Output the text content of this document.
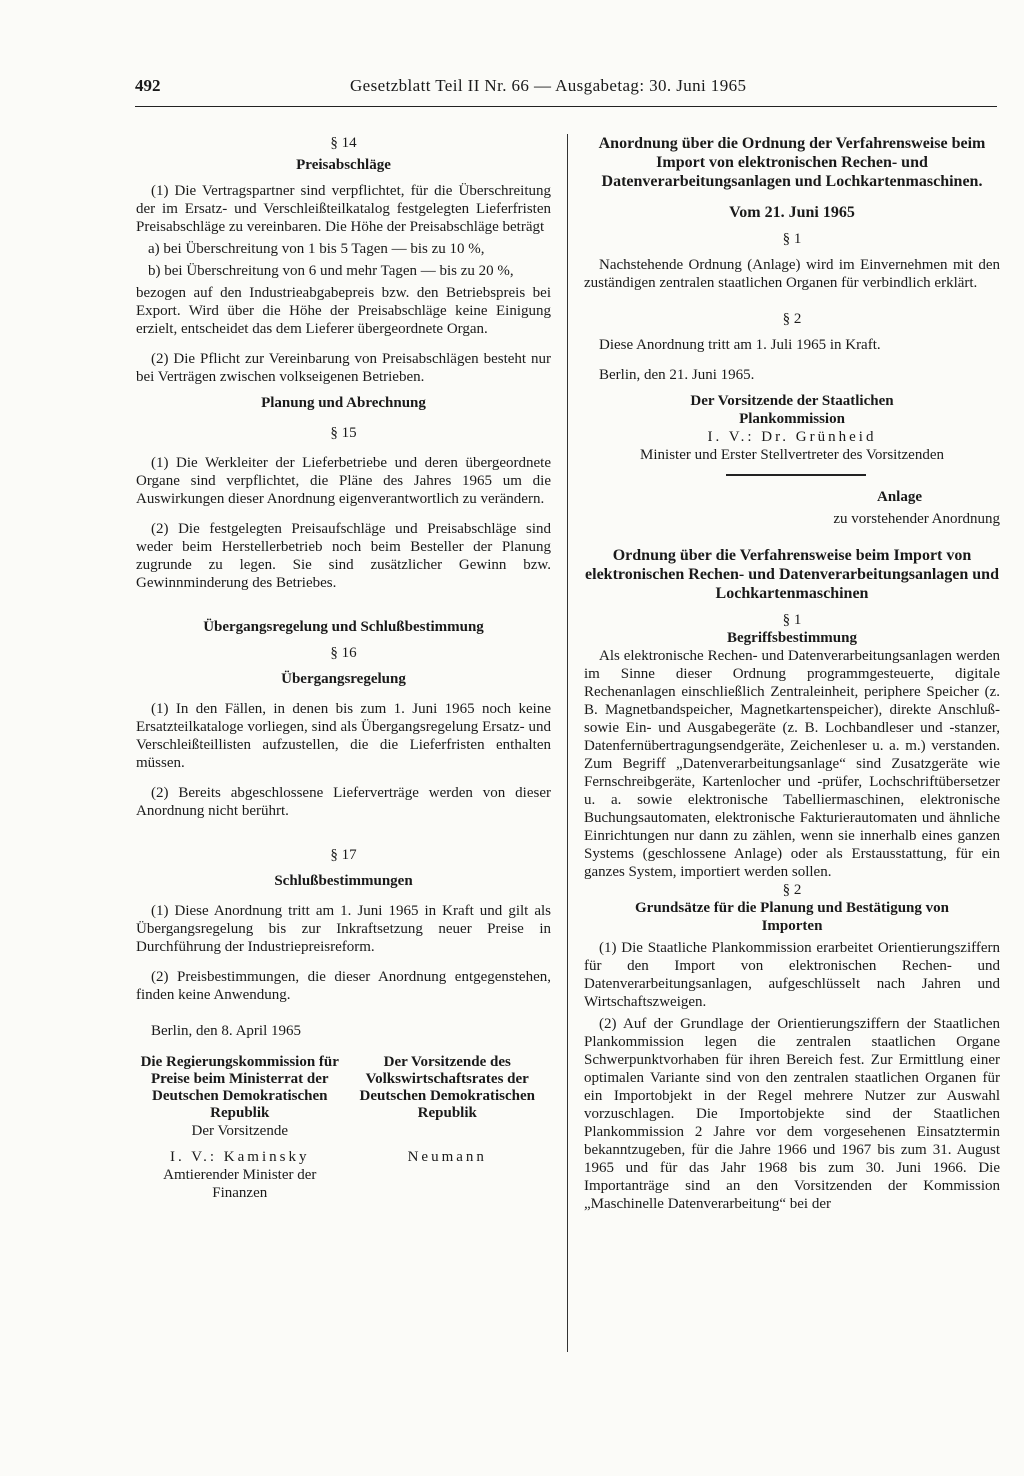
492	Gesetzblatt Teil II Nr. 66 — Ausgabetag: 30. Juni 1965

§ 14

Preisabschläge

(1) Die Vertragspartner sind verpflichtet, für die Überschreitung der im Ersatz- und Verschleißteilkatalog festgelegten Lieferfristen Preisabschläge zu vereinbaren. Die Höhe der Preisabschläge beträgt

a) bei Überschreitung von 1 bis 5 Tagen — bis zu 10 %,

b) bei Überschreitung von 6 und mehr Tagen — bis zu 20 %,

bezogen auf den Industrieabgabepreis bzw. den Betriebspreis bei Export. Wird über die Höhe der Preisabschläge keine Einigung erzielt, entscheidet das dem Lieferer übergeordnete Organ.

(2) Die Pflicht zur Vereinbarung von Preisabschlägen besteht nur bei Verträgen zwischen volkseigenen Betrieben.

Planung und Abrechnung

§ 15

(1) Die Werkleiter der Lieferbetriebe und deren übergeordnete Organe sind verpflichtet, die Pläne des Jahres 1965 um die Auswirkungen dieser Anordnung eigenverantwortlich zu verändern.

(2) Die festgelegten Preisaufschläge und Preisabschläge sind weder beim Herstellerbetrieb noch beim Besteller der Planung zugrunde zu legen. Sie sind zusätzlicher Gewinn bzw. Gewinnminderung des Betriebes.

Übergangsregelung und Schlußbestimmung

§ 16

Übergangsregelung

(1) In den Fällen, in denen bis zum 1. Juni 1965 noch keine Ersatzteilkataloge vorliegen, sind als Übergangsregelung Ersatz- und Verschleißteillisten aufzustellen, die die Lieferfristen enthalten müssen.

(2) Bereits abgeschlossene Lieferverträge werden von dieser Anordnung nicht berührt.

§ 17

Schlußbestimmungen

(1) Diese Anordnung tritt am 1. Juni 1965 in Kraft und gilt als Übergangsregelung bis zur Inkraftsetzung neuer Preise in Durchführung der Industriepreisreform.

(2) Preisbestimmungen, die dieser Anordnung entgegenstehen, finden keine Anwendung.

Berlin, den 8. April 1965

Die Regierungskommission für Preise beim Ministerrat der Deutschen Demokratischen Republik

Der Vorsitzende

I. V.: Kaminsky

Amtierender Minister der Finanzen

Der Vorsitzende des Volkswirtschaftsrates der Deutschen Demokratischen Republik

Neumann

Anordnung über die Ordnung der Verfahrensweise beim Import von elektronischen Rechen- und Datenverarbeitungsanlagen und Lochkartenmaschinen.

Vom 21. Juni 1965

§ 1

Nachstehende Ordnung (Anlage) wird im Einvernehmen mit den zuständigen zentralen staatlichen Organen für verbindlich erklärt.

§ 2

Diese Anordnung tritt am 1. Juli 1965 in Kraft.

Berlin, den 21. Juni 1965.

Der Vorsitzende der Staatlichen Plankommission

I. V.: Dr. Grünheid

Minister und Erster Stellvertreter des Vorsitzenden

Anlage

zu vorstehender Anordnung

Ordnung über die Verfahrensweise beim Import von elektronischen Rechen- und Datenverarbeitungsanlagen und Lochkartenmaschinen

§ 1

Begriffsbestimmung

Als elektronische Rechen- und Datenverarbeitungsanlagen werden im Sinne dieser Ordnung programmgesteuerte, digitale Rechenanlagen einschließlich Zentraleinheit, periphere Speicher (z. B. Magnetbandspeicher, Magnetkartenspeicher), direkte Anschluß- sowie Ein- und Ausgabegeräte (z. B. Lochbandleser und -stanzer, Datenfernübertragungsendgeräte, Zeichenleser u. a. m.) verstanden. Zum Begriff „Datenverarbeitungsanlage“ sind Zusatzgeräte wie Fernschreibgeräte, Kartenlocher und -prüfer, Lochschriftübersetzer u. a. sowie elektronische Tabelliermaschinen, elektronische Buchungsautomaten, elektronische Fakturierautomaten und ähnliche Einrichtungen nur dann zu zählen, wenn sie innerhalb eines ganzen Systems (geschlossene Anlage) oder als Erstausstattung, für ein ganzes System, importiert werden sollen.

§ 2

Grundsätze für die Planung und Bestätigung von Importen

(1) Die Staatliche Plankommission erarbeitet Orientierungsziffern für den Import von elektronischen Rechen- und Datenverarbeitungsanlagen, aufgeschlüsselt nach Jahren und Wirtschaftszweigen.

(2) Auf der Grundlage der Orientierungsziffern der Staatlichen Plankommission legen die zentralen staatlichen Organe Schwerpunktvorhaben für ihren Bereich fest. Zur Ermittlung einer optimalen Variante sind von den zentralen staatlichen Organen für ein Importobjekt in der Regel mehrere Nutzer zur Auswahl vorzuschlagen. Die Importobjekte sind der Staatlichen Plankommission 2 Jahre vor dem vorgesehenen Einsatztermin bekanntzugeben, für die Jahre 1966 und 1967 bis zum 31. August 1965 und für das Jahr 1968 bis zum 30. Juni 1966. Die Importanträge sind an den Vorsitzenden der Kommission „Maschinelle Datenverarbeitung“ bei der
